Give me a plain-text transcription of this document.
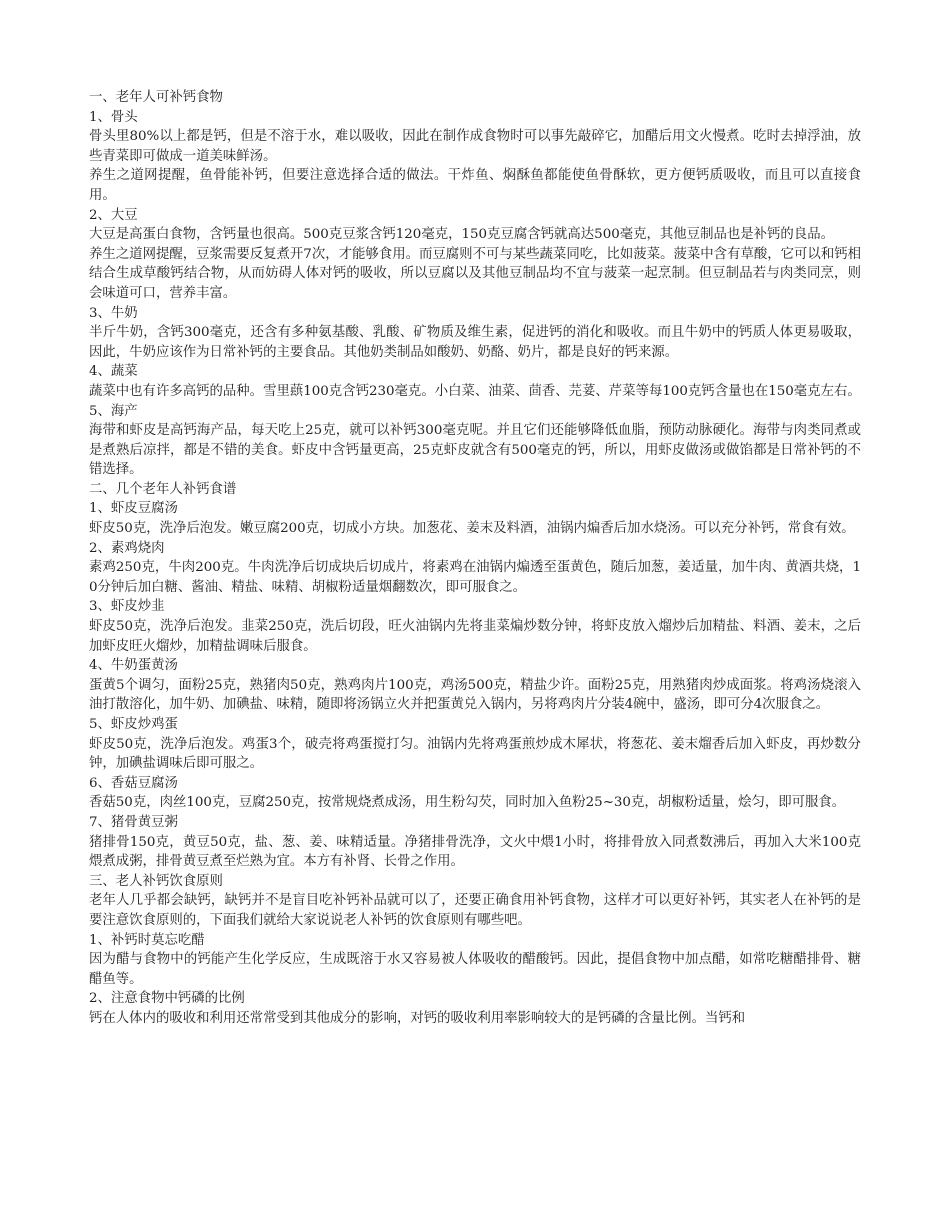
一、老年人可补钙食物

1、骨头

骨头里80%以上都是钙，但是不溶于水，难以吸收，因此在制作成食物时可以事先敲碎它，加醋后用文火慢煮。吃时去掉浮油，放些青菜即可做成一道美味鲜汤。

养生之道网提醒，鱼骨能补钙，但要注意选择合适的做法。干炸鱼、焖酥鱼都能使鱼骨酥软，更方便钙质吸收，而且可以直接食用。

2、大豆

大豆是高蛋白食物，含钙量也很高。500克豆浆含钙120毫克，150克豆腐含钙就高达500毫克，其他豆制品也是补钙的良品。

养生之道网提醒，豆浆需要反复煮开7次，才能够食用。而豆腐则不可与某些蔬菜同吃，比如菠菜。菠菜中含有草酸，它可以和钙相结合生成草酸钙结合物，从而妨碍人体对钙的吸收，所以豆腐以及其他豆制品均不宜与菠菜一起烹制。但豆制品若与肉类同烹，则会味道可口，营养丰富。

3、牛奶

半斤牛奶，含钙300毫克，还含有多种氨基酸、乳酸、矿物质及维生素，促进钙的消化和吸收。而且牛奶中的钙质人体更易吸取，因此，牛奶应该作为日常补钙的主要食品。其他奶类制品如酸奶、奶酪、奶片，都是良好的钙来源。

4、蔬菜

蔬菜中也有许多高钙的品种。雪里蕻100克含钙230毫克。小白菜、油菜、茴香、芫荽、芹菜等每100克钙含量也在150毫克左右。

5、海产

海带和虾皮是高钙海产品，每天吃上25克，就可以补钙300毫克呢。并且它们还能够降低血脂，预防动脉硬化。海带与肉类同煮或是煮熟后凉拌，都是不错的美食。虾皮中含钙量更高，25克虾皮就含有500毫克的钙，所以，用虾皮做汤或做馅都是日常补钙的不错选择。

二、几个老年人补钙食谱

1、虾皮豆腐汤

虾皮50克，洗净后泡发。嫩豆腐200克，切成小方块。加葱花、姜末及料酒，油锅内煸香后加水烧汤。可以充分补钙，常食有效。

2、素鸡烧肉

素鸡250克，牛肉200克。牛肉洗净后切成块后切成片，将素鸡在油锅内煸透至蛋黄色，随后加葱，姜适量，加牛肉、黄酒共烧，10分钟后加白糖、酱油、精盐、味精、胡椒粉适量烟翻数次，即可服食之。

3、虾皮炒韭

虾皮50克，洗净后泡发。韭菜250克，洗后切段，旺火油锅内先将韭菜煸炒数分钟，将虾皮放入熘炒后加精盐、料酒、姜末，之后加虾皮旺火熘炒，加精盐调味后服食。

4、牛奶蛋黄汤

蛋黄5个调匀，面粉25克，熟猪肉50克，熟鸡肉片100克，鸡汤500克，精盐少许。面粉25克，用熟猪肉炒成面浆。将鸡汤烧滚入油打散溶化，加牛奶、加碘盐、味精，随即将汤锅立火并把蛋黄兑入锅内，另将鸡肉片分装4碗中，盛汤，即可分4次服食之。

5、虾皮炒鸡蛋

虾皮50克，洗净后泡发。鸡蛋3个，破壳将鸡蛋搅打匀。油锅内先将鸡蛋煎炒成木犀状，将葱花、姜末熘香后加入虾皮，再炒数分钟，加碘盐调味后即可服之。

6、香菇豆腐汤

香菇50克，肉丝100克，豆腐250克，按常规烧煮成汤，用生粉勾芡，同时加入鱼粉25~30克，胡椒粉适量，烩匀，即可服食。

7、猪骨黄豆粥

猪排骨150克，黄豆50克，盐、葱、姜、味精适量。净猪排骨洗净，文火中煨1小时，将排骨放入同煮数沸后，再加入大米100克煨煮成粥，排骨黄豆煮至烂熟为宜。本方有补肾、长骨之作用。

三、老人补钙饮食原则

老年人几乎都会缺钙，缺钙并不是盲目吃补钙补品就可以了，还要正确食用补钙食物，这样才可以更好补钙，其实老人在补钙的是要注意饮食原则的，下面我们就给大家说说老人补钙的饮食原则有哪些吧。

1、补钙时莫忘吃醋

因为醋与食物中的钙能产生化学反应，生成既溶于水又容易被人体吸收的醋酸钙。因此，提倡食物中加点醋，如常吃糖醋排骨、糖醋鱼等。

2、注意食物中钙磷的比例

钙在人体内的吸收和利用还常常受到其他成分的影响，对钙的吸收利用率影响较大的是钙磷的含量比例。当钙和
